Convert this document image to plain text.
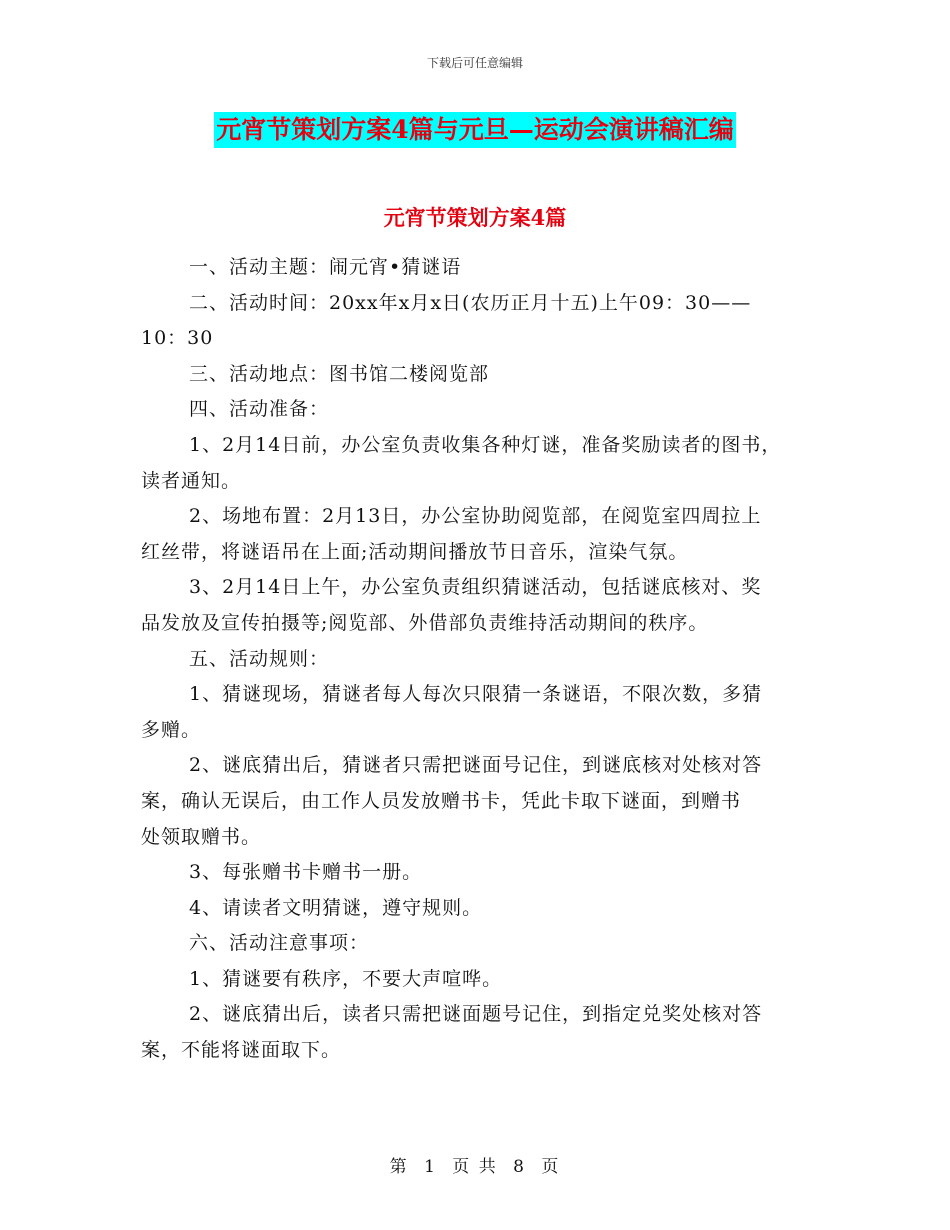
下载后可任意编辑
元宵节策划方案4篇与元旦—运动会演讲稿汇编
元宵节策划方案4篇

一、活动主题：闹元宵•猜谜语

二、活动时间：20xx年x月x日(农历正月十五)上午09：30——
10：30

三、活动地点：图书馆二楼阅览部

四、活动准备：

1、2月14日前，办公室负责收集各种灯谜，准备奖励读者的图书，
读者通知。

2、场地布置：2月13日，办公室协助阅览部，在阅览室四周拉上
红丝带，将谜语吊在上面;活动期间播放节日音乐，渲染气氛。

3、2月14日上午，办公室负责组织猜谜活动，包括谜底核对、奖
品发放及宣传拍摄等;阅览部、外借部负责维持活动期间的秩序。

五、活动规则：

1、猜谜现场，猜谜者每人每次只限猜一条谜语，不限次数，多猜
多赠。

2、谜底猜出后，猜谜者只需把谜面号记住，到谜底核对处核对答
案，确认无误后，由工作人员发放赠书卡，凭此卡取下谜面，到赠书
处领取赠书。

3、每张赠书卡赠书一册。

4、请读者文明猜谜，遵守规则。

六、活动注意事项：

1、猜谜要有秩序，不要大声喧哗。

2、谜底猜出后，读者只需把谜面题号记住，到指定兑奖处核对答
案，不能将谜面取下。

第 1 页 共 8 页
